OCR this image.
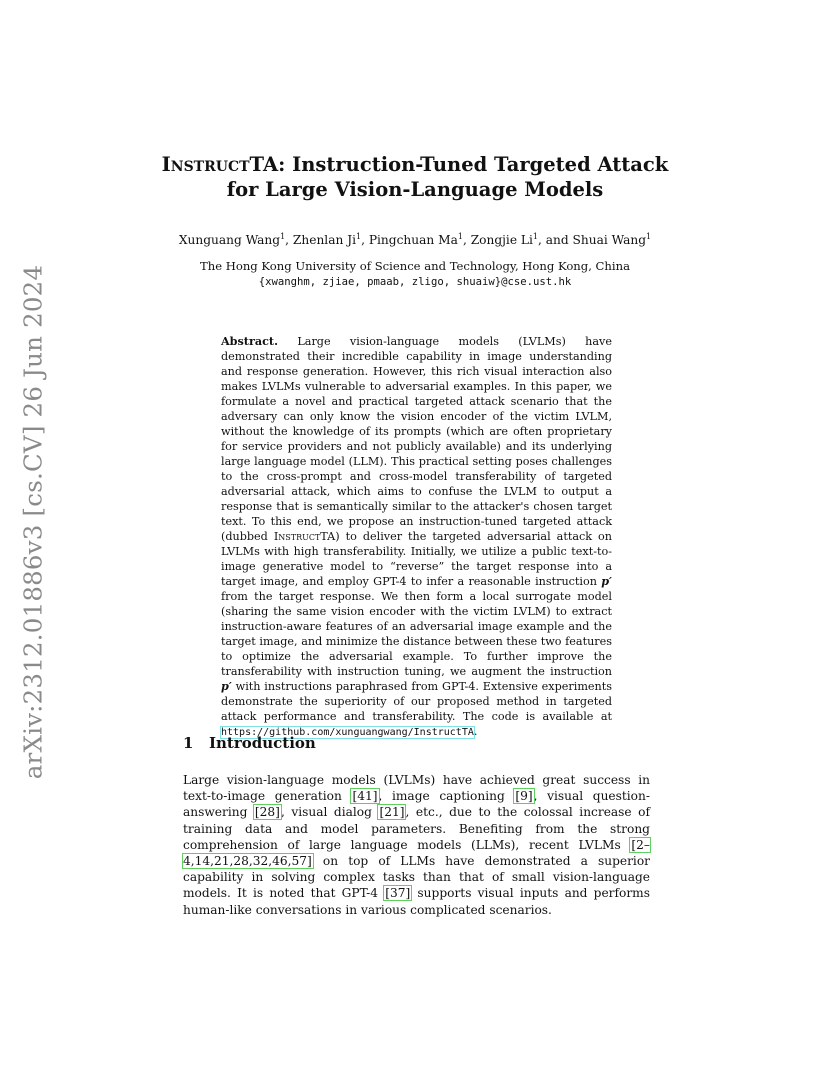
arXiv:2312.01886v3 [cs.CV] 26 Jun 2024
InstructTA: Instruction-Tuned Targeted Attack
for Large Vision-Language Models
Xunguang Wang$^1$, Zhenlan Ji$^1$, Pingchuan Ma$^1$, Zongjie Li$^1$, and Shuai Wang$^1$
The Hong Kong University of Science and Technology, Hong Kong, China
{xwanghm, zjiae, pmaab, zligo, shuaiw}@cse.ust.hk

Abstract. Large vision-language models (LVLMs) have demonstrated their incredible capability in image understanding and response generation. However, this rich visual interaction also makes LVLMs vulnerable to adversarial examples. In this paper, we formulate a novel and practical targeted attack scenario that the adversary can only know the vision encoder of the victim LVLM, without the knowledge of its prompts (which are often proprietary for service providers and not publicly available) and its underlying large language model (LLM). This practical setting poses challenges to the cross-prompt and cross-model transferability of targeted adversarial attack, which aims to confuse the LVLM to output a response that is semantically similar to the attacker's chosen target text. To this end, we propose an instruction-tuned targeted attack (dubbed InstructTA) to deliver the targeted adversarial attack on LVLMs with high transferability. Initially, we utilize a public text-to-image generative model to “reverse” the target response into a target image, and employ GPT-4 to infer a reasonable instruction p′ from the target response. We then form a local surrogate model (sharing the same vision encoder with the victim LVLM) to extract instruction-aware features of an adversarial image example and the target image, and minimize the distance between these two features to optimize the adversarial example. To further improve the transferability with instruction tuning, we augment the instruction p′ with instructions paraphrased from GPT-4. Extensive experiments demonstrate the superiority of our proposed method in targeted attack performance and transferability. The code is available at https://github.com/xunguangwang/InstructTA.

1 Introduction

Large vision-language models (LVLMs) have achieved great success in text-to-image generation [41], image captioning [9], visual question-answering [28], visual dialog [21], etc., due to the colossal increase of training data and model parameters. Benefiting from the strong comprehension of large language models (LLMs), recent LVLMs [2–4,14,21,28,32,46,57] on top of LLMs have demonstrated a superior capability in solving complex tasks than that of small vision-language models. It is noted that GPT-4 [37] supports visual inputs and performs human-like conversations in various complicated scenarios.
